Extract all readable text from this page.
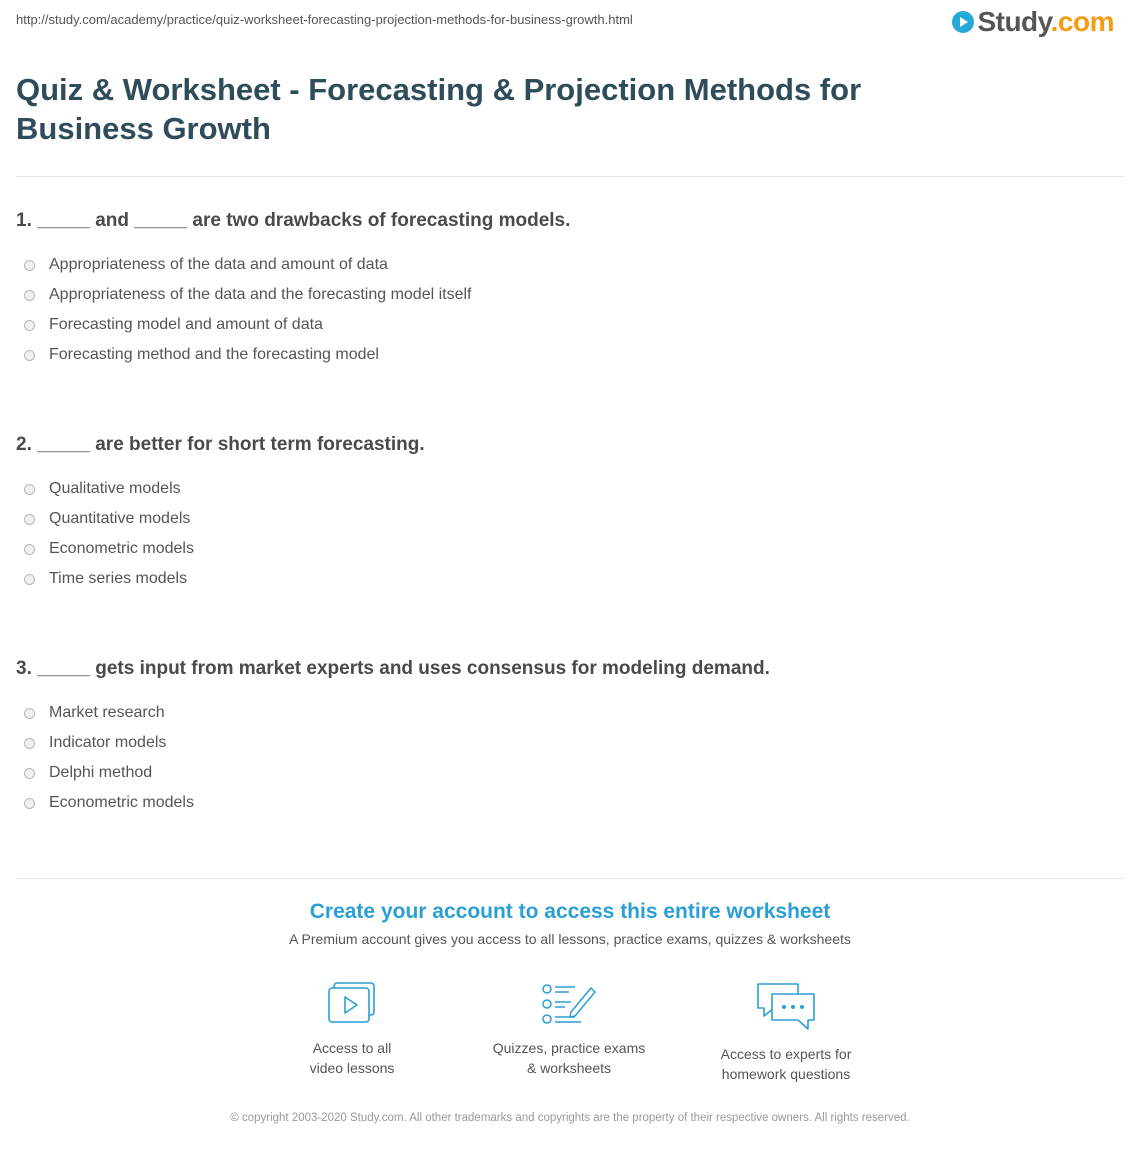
http://study.com/academy/practice/quiz-worksheet-forecasting-projection-methods-for-business-growth.html	Study.com
Quiz & Worksheet - Forecasting & Projection Methods for Business Growth

1. _____ and _____ are two drawbacks of forecasting models.

Appropriateness of the data and amount of data
Appropriateness of the data and the forecasting model itself
Forecasting model and amount of data
Forecasting method and the forecasting model

2. _____ are better for short term forecasting.

Qualitative models
Quantitative models
Econometric models
Time series models

3. _____ gets input from market experts and uses consensus for modeling demand.

Market research
Indicator models
Delphi method
Econometric models
Create your account to access this entire worksheet
A Premium account gives you access to all lessons, practice exams, quizzes & worksheets
Access to all
video lessons
Quizzes, practice exams
& worksheets
Access to experts for
homework questions
© copyright 2003-2020 Study.com. All other trademarks and copyrights are the property of their respective owners. All rights reserved.
